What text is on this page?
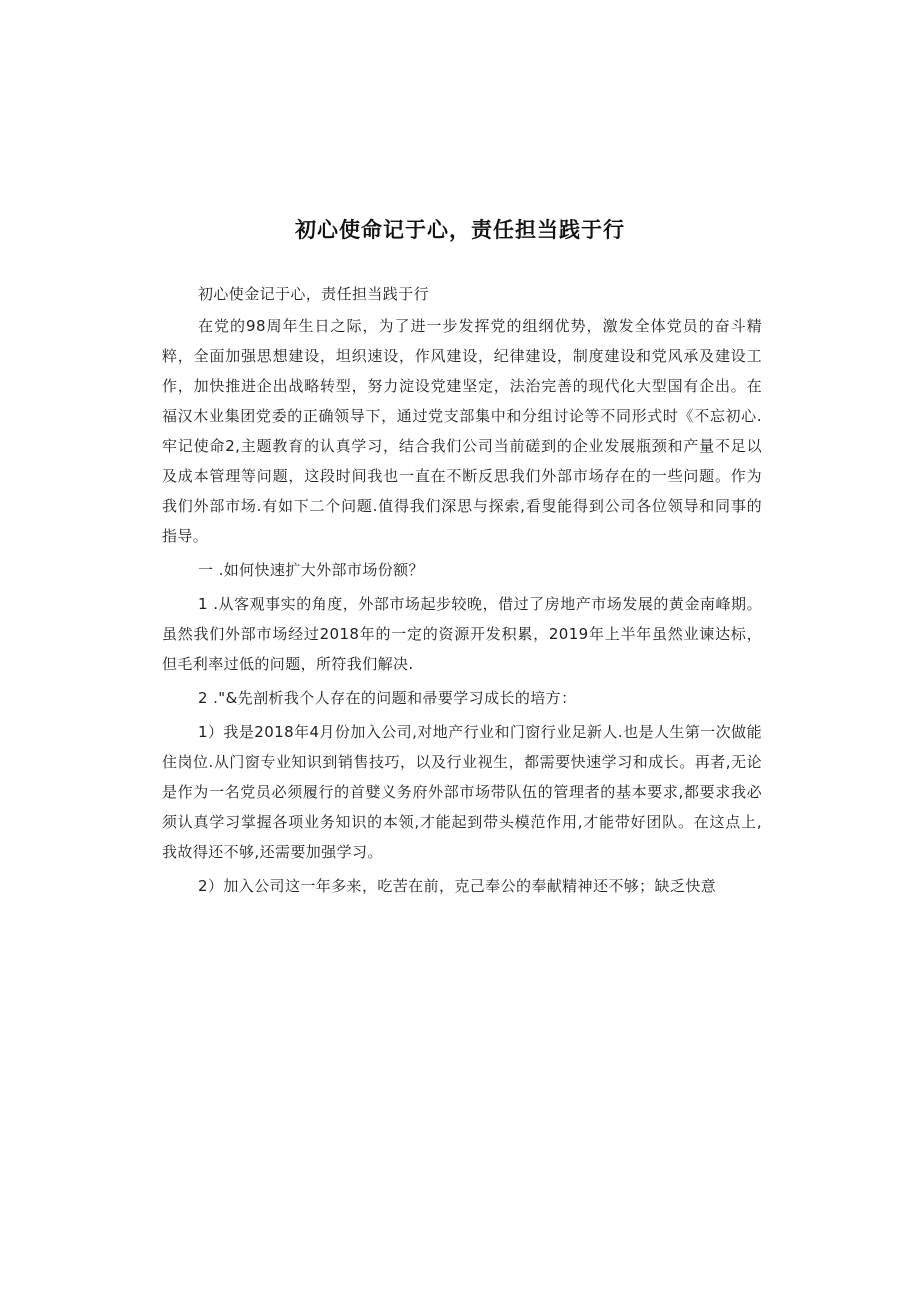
初心使命记于心，责任担当践于行

初心使金记于心，责任担当践于行

在党的98周年生日之际，为了进一步发挥党的组纲优势，激发全体党员的奋斗精粹，全面加强思想建设，坦织速设，作风建设，纪律建设，制度建设和党风承及建设工作，加快推进企出战略转型，努力淀设党建坚定，法治完善的现代化大型国有企出。在福汉木业集团党委的正确领导下，通过党支部集中和分组讨论等不同形式时《不忘初心.牢记使命2,主题教育的认真学习，结合我们公司当前磋到的企业发展瓶颈和产量不足以及成本管理等问题，这段时间我也一直在不断反思我们外部市场存在的一些问题。作为我们外部市场.有如下二个问题.值得我们深思与探索,看叟能得到公司各位领导和同事的指导。

一 .如何快速扩大外部市场份额？

1 .从客观事实的角度，外部市场起步较晚，借过了房地产市场发展的黄金南峰期。虽然我们外部市场经过2018年的一定的资源开发积累，2019年上半年虽然业谏达标，但毛利率过低的问题，所符我们解决.

2 ."&先剖析我个人存在的问题和帚要学习成长的培方：

1）我是2018年4月份加入公司,对地产行业和门窗行业足新人.也是人生第一次做能住岗位.从门窗专业知识到销售技巧，以及行业视生，都需要快速学习和成长。再者,无论是作为一名党员必须履行的首嬖义务府外部市场带队伍的管理者的基本要求,都要求我必须认真学习掌握各项业务知识的本领,才能起到带头模范作用,才能带好团队。在这点上,我故得还不够,还需要加强学习。

2）加入公司这一年多来，吃苦在前，克己奉公的奉献精神还不够；缺乏快意
